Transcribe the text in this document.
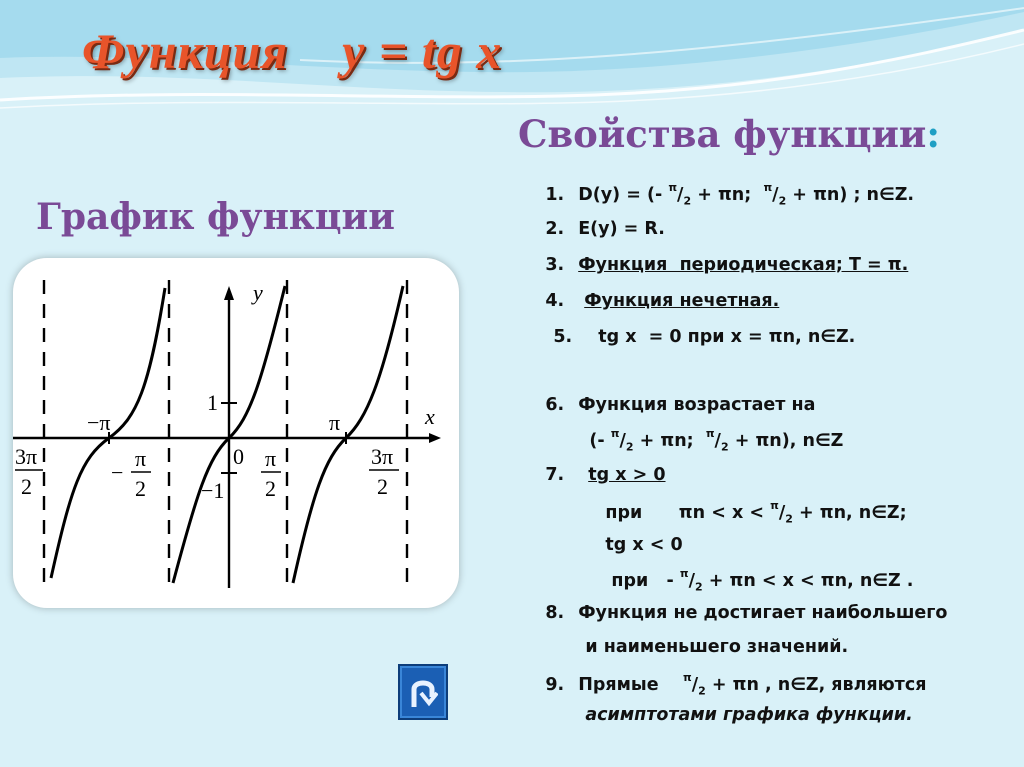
Функция    y = tg x
График функции
y
x
1
−1
0
−π	π
3π
2
−
π
2
π
2
3π
2
Свойства функции:

1. D(y) = (- $^\pi/_2 + \pi n$;  $^\pi/_2 + \pi n$) ; n∈Z.

2. E(y) = R.

3. Функция  периодическая; T = π.

4. Функция нечетная.

5. tg x  = 0 при x = πn, n∈Z.

6. Функция возрастает на

(- $^\pi/_2 + \pi n$;  $^\pi/_2 + \pi n$), n∈Z

7. tg x > 0

при      $\pi n < x < ^\pi/_2 + \pi n$, n∈Z;

tg x < 0

при   - $^\pi/_2 + \pi n < x < \pi n$, n∈Z .

8. Функция не достигает наибольшего

и наименьшего значений.

9. Прямые    $^\pi/_2 + \pi n$ , n∈Z, являются

асимптотами графика функции.
